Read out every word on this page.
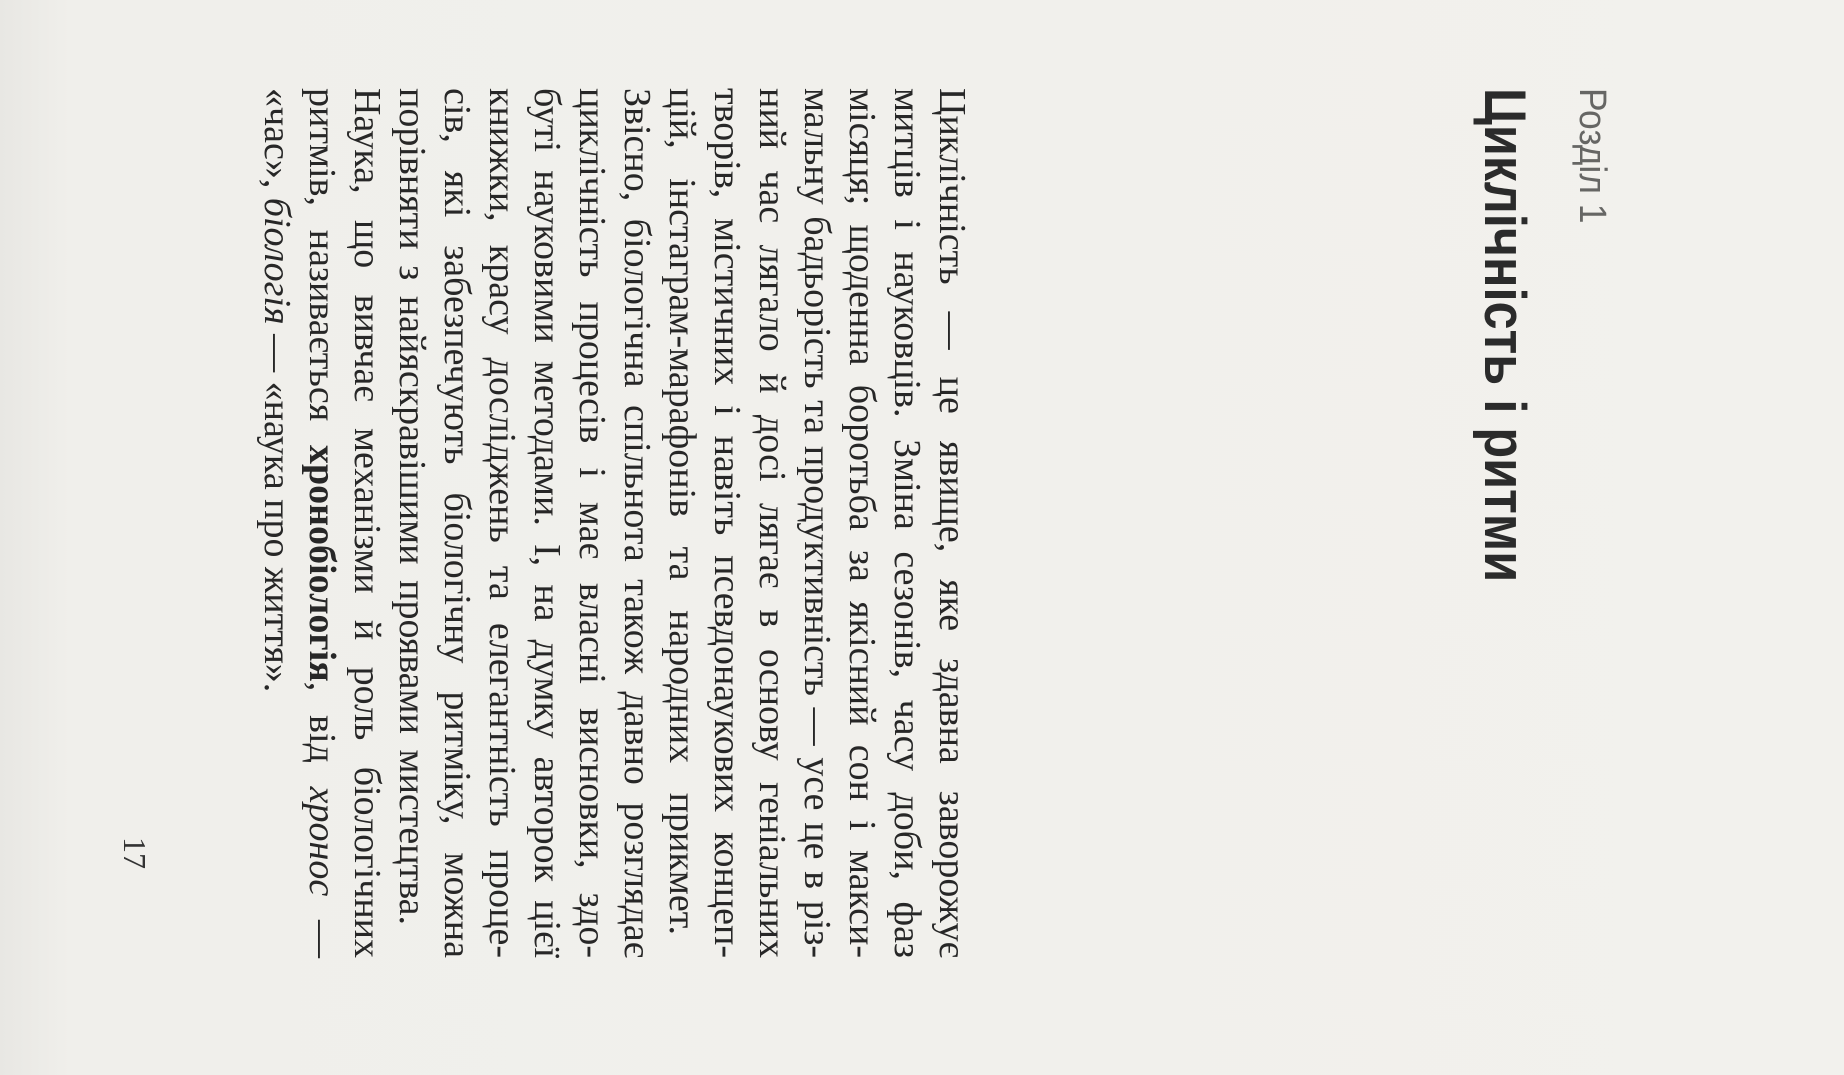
Розділ 1
Циклічність і ритми
Циклічність — це явище, яке здавна заворожує
митців і науковців. Зміна сезонів, часу доби, фаз
місяця; щоденна боротьба за якісний сон і макси-
мальну бадьорість та продуктивність — усе це в різ-
ний час лягало й досі лягає в основу геніальних
творів, містичних і навіть псевдонаукових концеп-
цій, інстаграм-марафонів та народних прикмет.
Звісно, біологічна спільнота також давно розглядає
циклічність процесів і має власні висновки, здо-
буті науковими методами. І, на думку авторок цієї
книжки, красу досліджень та елегантність проце-
сів, які забезпечують біологічну ритміку, можна
порівняти з найяскравішими проявами мистецтва.
Наука, що вивчає механізми й роль біологічних
ритмів, називається хронобіологія, від хронос —
«час», біологія — «наука про життя».
17
